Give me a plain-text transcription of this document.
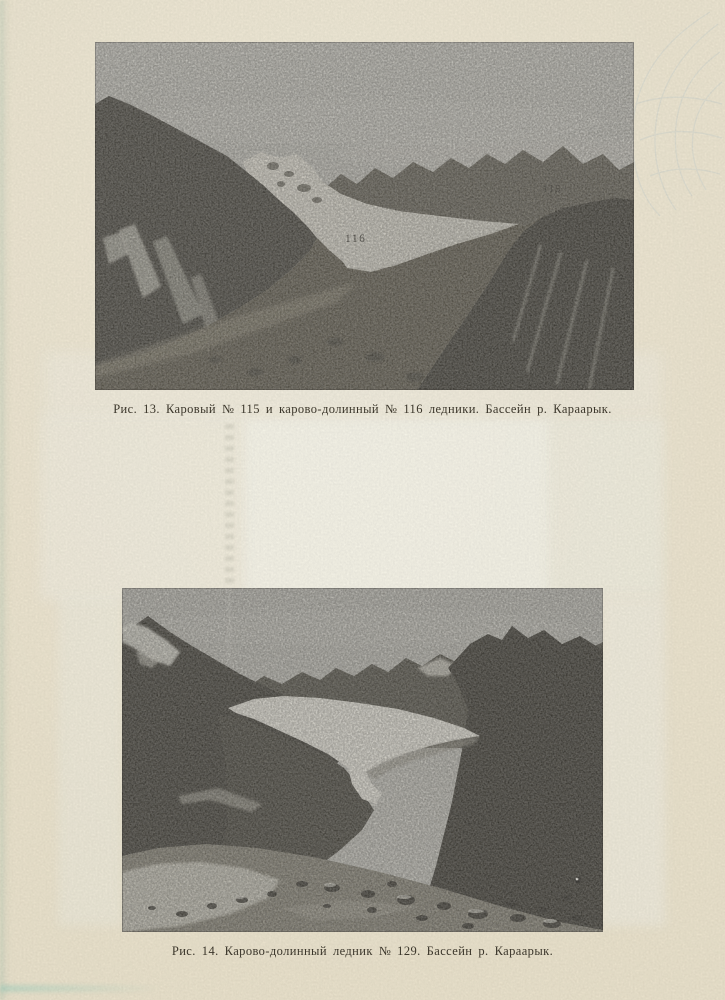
115
116
Рис. 13. Каровый № 115 и карово-долинный № 116 ледники. Бассейн р. Караарык.
Рис. 14. Карово-долинный ледник № 129. Бассейн р. Караарык.
